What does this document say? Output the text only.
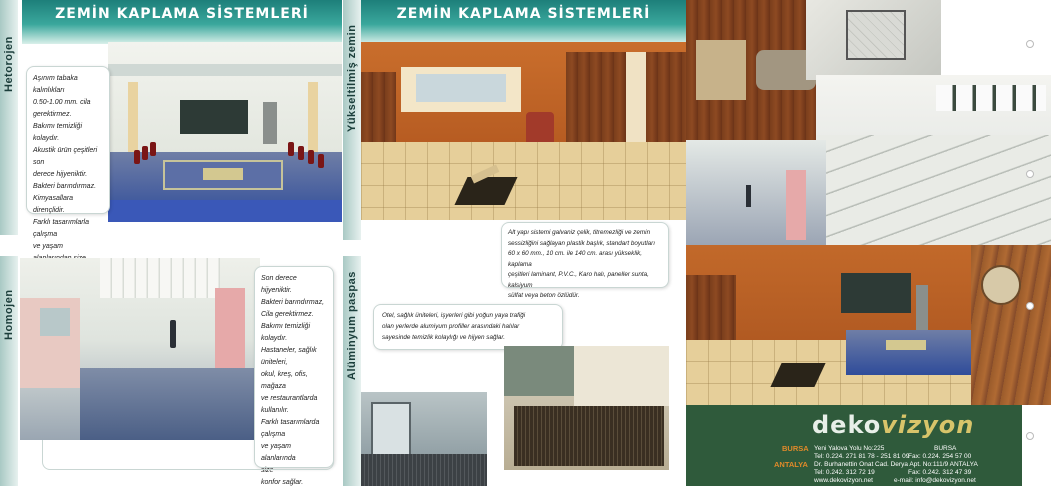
Hetorojen
ZEMİN KAPLAMA SİSTEMLERİ
Aşınım tabaka kalınlıkları
0.50-1.00 mm. cila
gerektirmez.
Bakımı temizliği kolaydır.
Akustik ürün çeşitleri son
derece hijyeniktir.
Bakteri barındırmaz.
Kimyasallara dirençlidir.
Farklı tasarımlarla çalışma
ve yaşam
Homojen
Son derece hijyeniktir.
Bakteri barındırmaz,
Cila gerektirmez.
Bakımı temizliği kolaydır.
Hastaneler, sağlık
üniteleri,
okul, kreş, ofis, mağaza
ve restaurantlarda
kullanılır.
Farklı tasarımlarda
çalışma
ve yaşam alanlarında
size
konfor sağlar.
Yükseltilmiş zemin
ZEMİN KAPLAMA SİSTEMLERİ
Alt yapı sistemi galvaniz çelik, titremezliği ve zemin
sessizliğini sağlayan plastik başlık, standart boyutları
60 x 60 mm., 10 cm. ile 140 cm. arası yükseklik, kaplama
çeşitleri laminant, P.V.C., Karo halı, paneller sunta, kalsiyum
sülfat veya beton özlüdür.
Alüminyum paspas	Otel, sağlık üniteleri, işyerleri gibi yoğun yaya trafiği
olan yerlerde alumiyum profiller arasındaki halılar
sayesinde temizlik kolaylığı ve hijyen sağlar.
dekovizyon
BURSA Yeni Yalova Yolu No:225	BURSA
Tel: 0.224. 271 81 78 - 251 81 09
Fax: 0.224. 254 57 00
ANTALYA Dr. Burhanettin Onat Cad. Derya Apt. No:111/9 ANTALYA
Tel: 0.242. 312 72 19	Fax: 0.242. 312 47 39
www.dekovizyon.net	e-mail: info@dekovizyon.net
